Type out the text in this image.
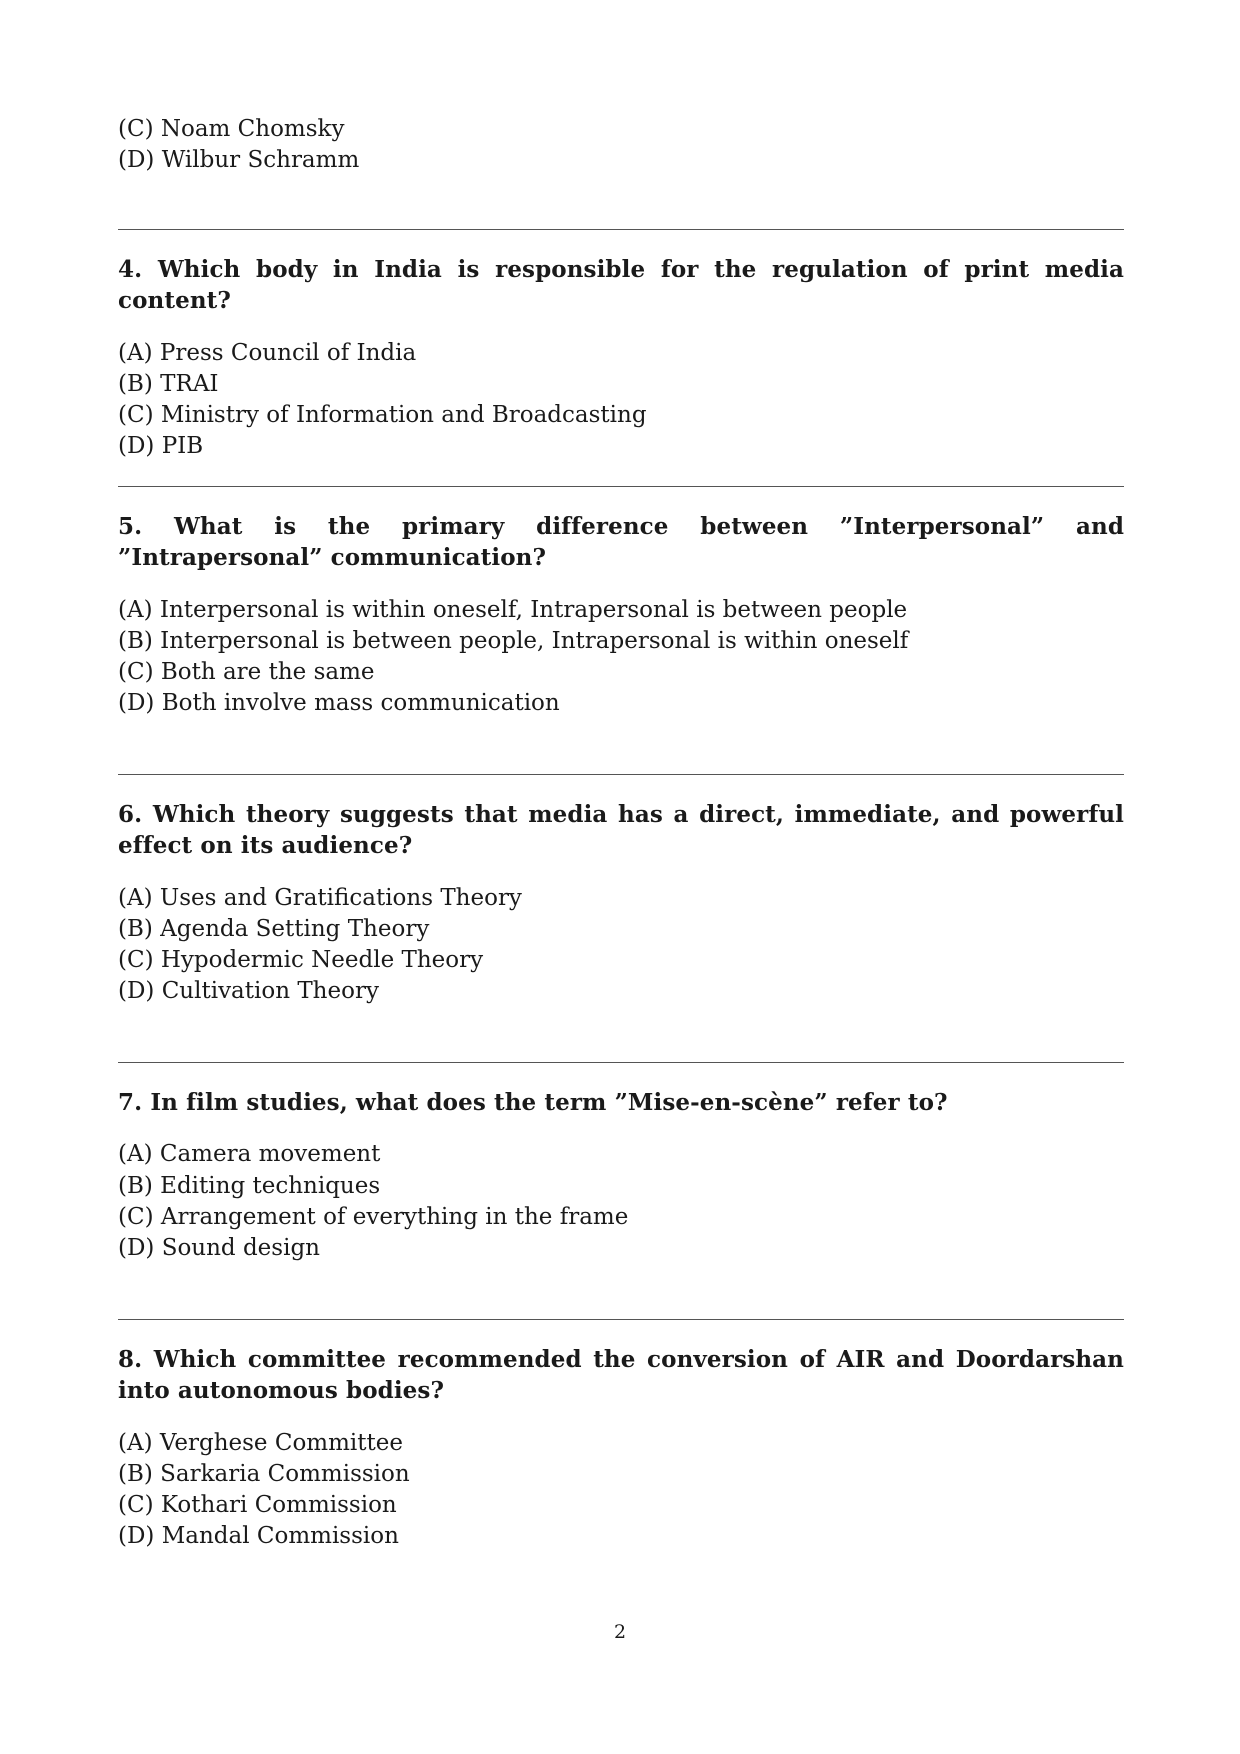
(C) Noam Chomsky
(D) Wilbur Schramm
4. Which body in India is responsible for the regulation of print media content?
(A) Press Council of India
(B) TRAI
(C) Ministry of Information and Broadcasting
(D) PIB
5. What is the primary difference between ”Interpersonal” and ”Intrapersonal” communication?
(A) Interpersonal is within oneself, Intrapersonal is between people
(B) Interpersonal is between people, Intrapersonal is within oneself
(C) Both are the same
(D) Both involve mass communication
6. Which theory suggests that media has a direct, immediate, and powerful effect on its audience?
(A) Uses and Gratifications Theory
(B) Agenda Setting Theory
(C) Hypodermic Needle Theory
(D) Cultivation Theory
7. In film studies, what does the term ”Mise-en-scène” refer to?
(A) Camera movement
(B) Editing techniques
(C) Arrangement of everything in the frame
(D) Sound design
8. Which committee recommended the conversion of AIR and Doordarshan into autonomous bodies?
(A) Verghese Committee
(B) Sarkaria Commission
(C) Kothari Commission
(D) Mandal Commission
2
